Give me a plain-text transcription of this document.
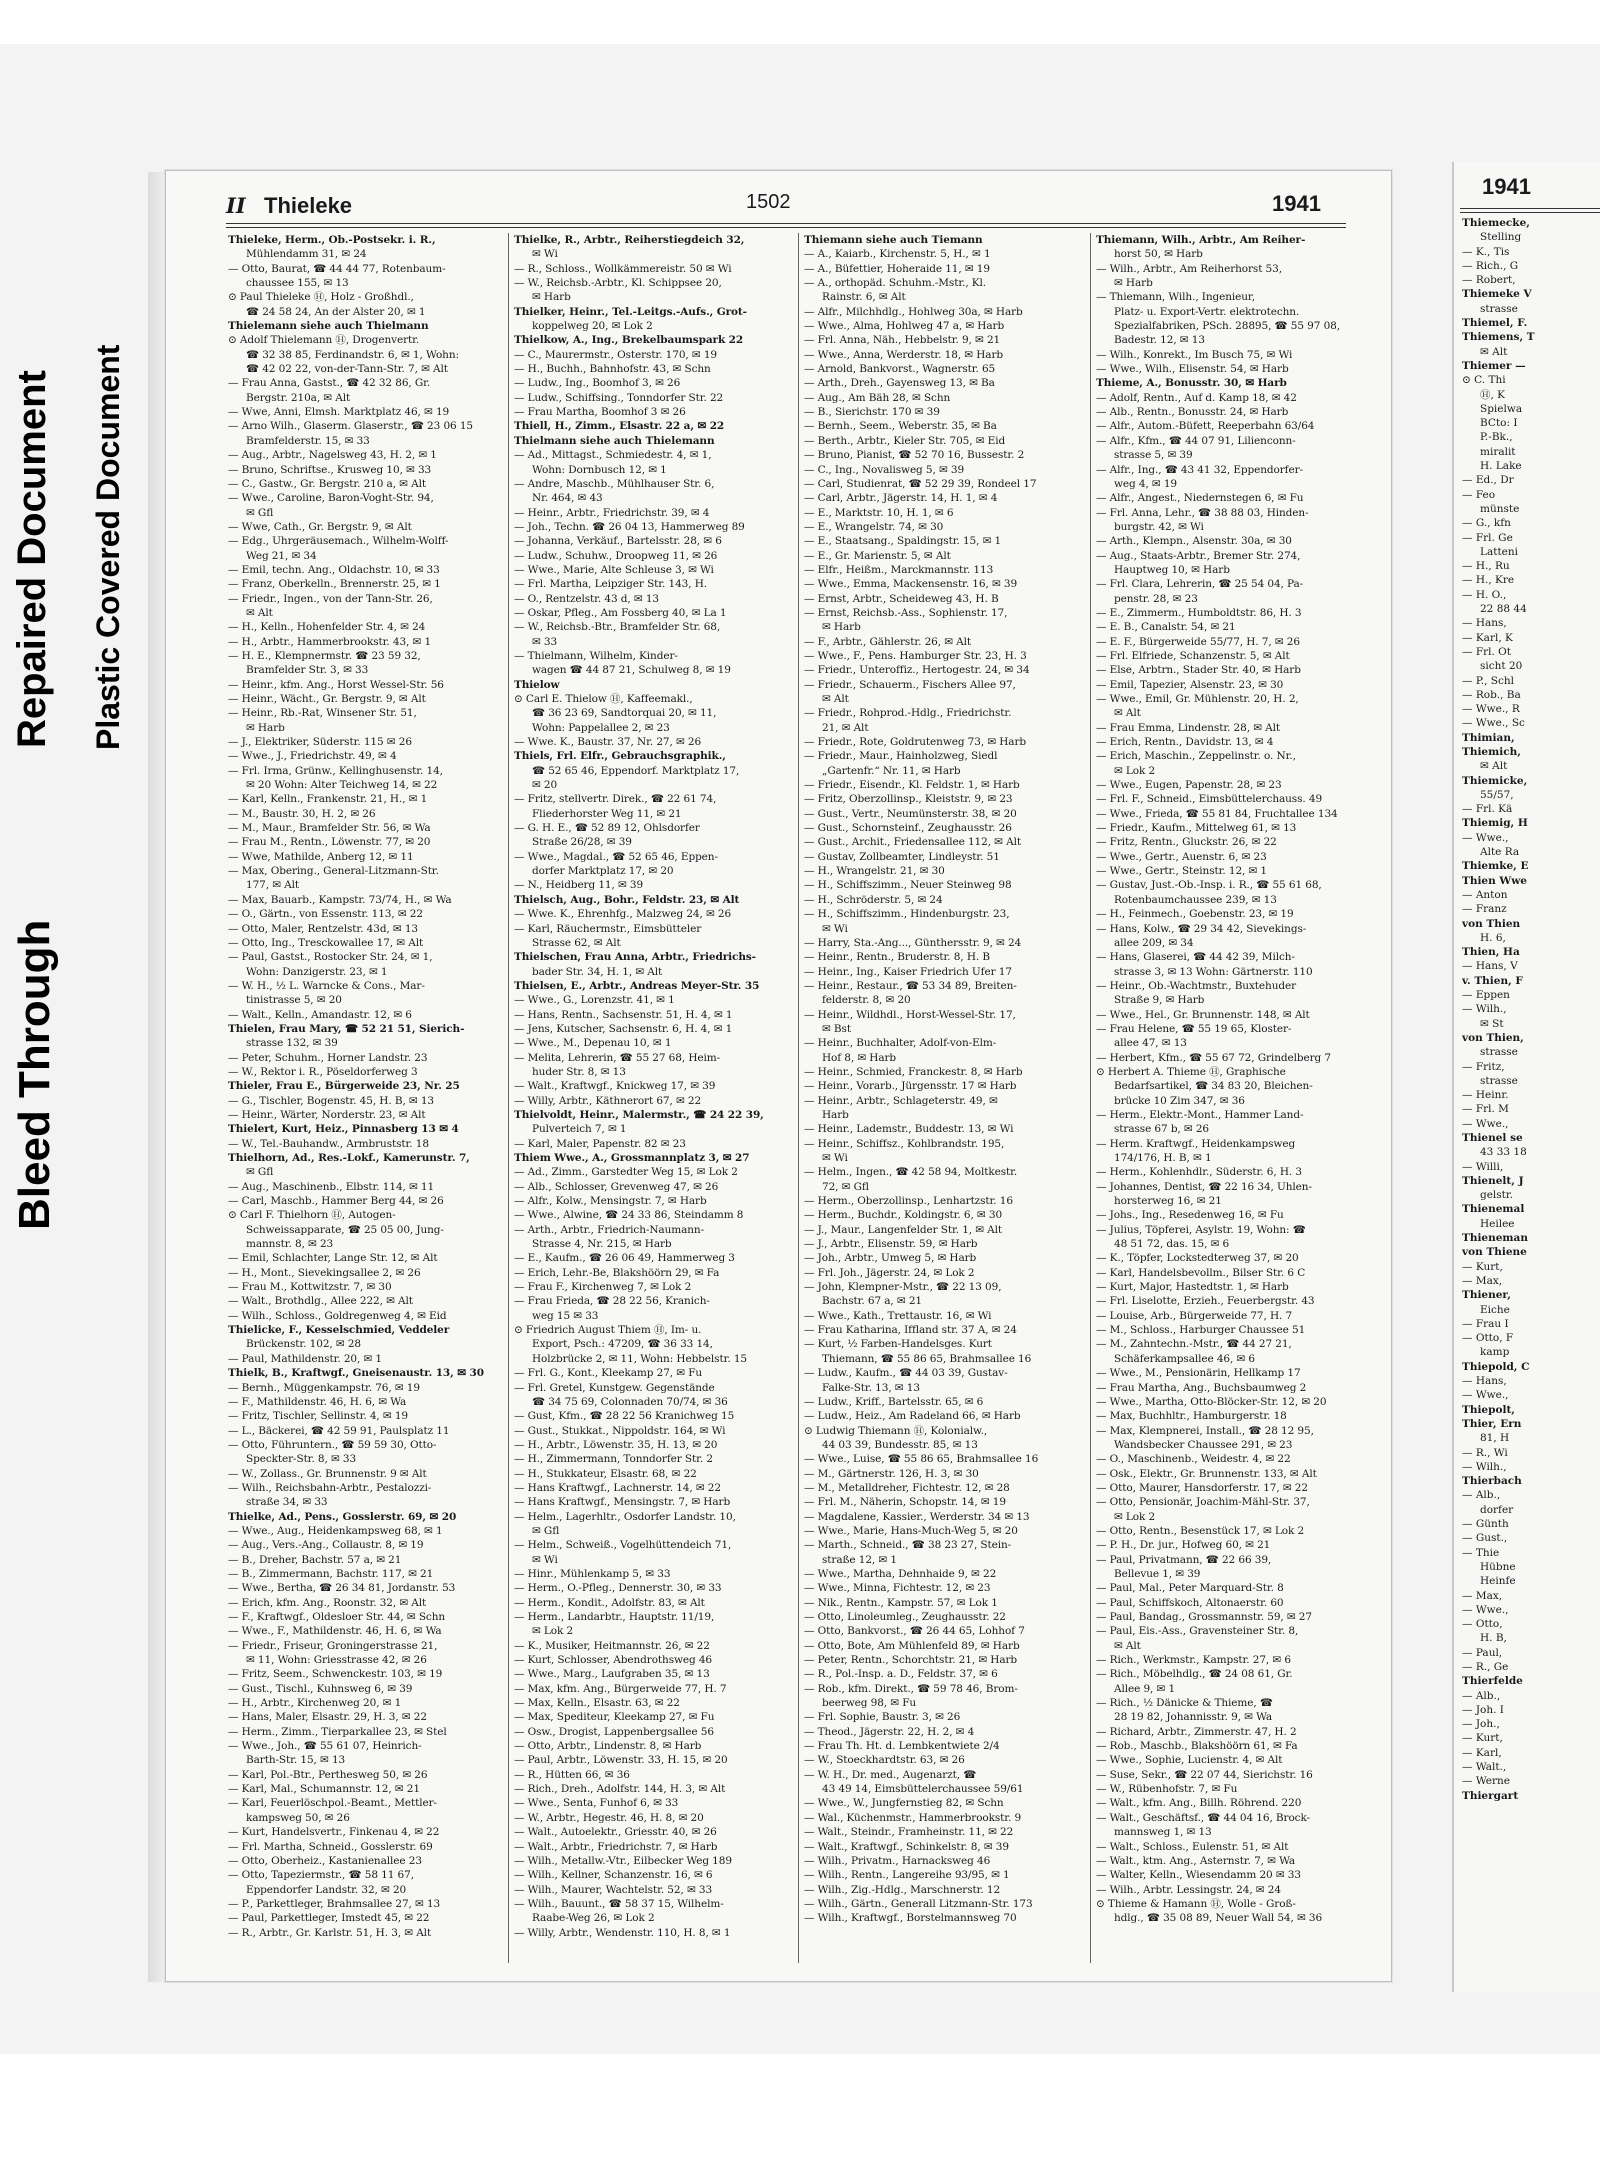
Bleed Through
Repaired Document Plastic Covered Document
II Thieleke	1502	1941
Thieleke, Herm., Ob.-Postsekr. i. R.,
Mühlendamm 31, ✉ 24
— Otto, Baurat, ☎ 44 44 77, Rotenbaum-
chaussee 155, ✉ 13
⊙ Paul Thieleke Ⓗ, Holz - Großhdl.,
☎ 24 58 24, An der Alster 20, ✉ 1
Thielemann siehe auch Thielmann
⊙ Adolf Thielemann Ⓗ, Drogenvertr.
☎ 32 38 85, Ferdinandstr. 6, ✉ 1, Wohn:
☎ 42 02 22, von-der-Tann-Str. 7, ✉ Alt
— Frau Anna, Gastst., ☎ 42 32 86, Gr.
Bergstr. 210a, ✉ Alt
— Wwe, Anni, Elmsh. Marktplatz 46, ✉ 19
— Arno Wilh., Glaserm. Glaserstr., ☎ 23 06 15
Bramfelderstr. 15, ✉ 33
— Aug., Arbtr., Nagelsweg 43, H. 2, ✉ 1
— Bruno, Schriftse., Krusweg 10, ✉ 33
— C., Gastw., Gr. Bergstr. 210 a, ✉ Alt
— Wwe., Caroline, Baron-Voght-Str. 94,
✉ Gfl
— Wwe, Cath., Gr. Bergstr. 9, ✉ Alt
— Edg., Uhrgeräusemach., Wilhelm-Wolff-
Weg 21, ✉ 34
— Emil, techn. Ang., Oldachstr. 10, ✉ 33
— Franz, Oberkelln., Brennerstr. 25, ✉ 1
— Friedr., Ingen., von der Tann-Str. 26,
✉ Alt
— H., Kelln., Hohenfelder Str. 4, ✉ 24
— H., Arbtr., Hammerbrookstr. 43, ✉ 1
— H. E., Klempnermstr. ☎ 23 59 32,
Bramfelder Str. 3, ✉ 33
— Heinr., kfm. Ang., Horst Wessel-Str. 56
— Heinr., Wächt., Gr. Bergstr. 9, ✉ Alt
— Heinr., Rb.-Rat, Winsener Str. 51,
✉ Harb
— J., Elektriker, Süderstr. 115 ✉ 26
— Wwe., J., Friedrichstr. 49, ✉ 4
— Frl. Irma, Grünw., Kellinghusenstr. 14,
✉ 20 Wohn: Alter Teichweg 14, ✉ 22
— Karl, Kelln., Frankenstr. 21, H., ✉ 1
— M., Baustr. 30, H. 2, ✉ 26
— M., Maur., Bramfelder Str. 56, ✉ Wa
— Frau M., Rentn., Löwenstr. 77, ✉ 20
— Wwe, Mathilde, Anberg 12, ✉ 11
— Max, Obering., General-Litzmann-Str.
177, ✉ Alt
— Max, Bauarb., Kampstr. 73/74, H., ✉ Wa
— O., Gärtn., von Essenstr. 113, ✉ 22
— Otto, Maler, Rentzelstr. 43d, ✉ 13
— Otto, Ing., Tresckowallee 17, ✉ Alt
— Paul, Gastst., Rostocker Str. 24, ✉ 1,
Wohn: Danzigerstr. 23, ✉ 1
— W. H., ½ L. Warncke & Cons., Mar-
tinistrasse 5, ✉ 20
— Walt., Kelln., Amandastr. 12, ✉ 6
Thielen, Frau Mary, ☎ 52 21 51, Sierich-
strasse 132, ✉ 39
— Peter, Schuhm., Horner Landstr. 23
— W., Rektor i. R., Pöseldorferweg 3
Thieler, Frau E., Bürgerweide 23, Nr. 25
— G., Tischler, Bogenstr. 45, H. B, ✉ 13
— Heinr., Wärter, Norderstr. 23, ✉ Alt
Thielert, Kurt, Heiz., Pinnasberg 13 ✉ 4
— W., Tel.-Bauhandw., Armbruststr. 18
Thielhorn, Ad., Res.-Lokf., Kamerunstr. 7,
✉ Gfl
— Aug., Maschinenb., Elbstr. 114, ✉ 11
— Carl, Maschb., Hammer Berg 44, ✉ 26
⊙ Carl F. Thielhorn Ⓗ, Autogen-
Schweissapparate, ☎ 25 05 00, Jung-
mannstr. 8, ✉ 23
— Emil, Schlachter, Lange Str. 12, ✉ Alt
— H., Mont., Sievekingsallee 2, ✉ 26
— Frau M., Kottwitzstr. 7, ✉ 30
— Walt., Brothdlg., Allee 222, ✉ Alt
— Wilh., Schloss., Goldregenweg 4, ✉ Eid
Thielicke, F., Kesselschmied, Veddeler
Brückenstr. 102, ✉ 28
— Paul, Mathildenstr. 20, ✉ 1
Thielk, B., Kraftwgf., Gneisenaustr. 13, ✉ 30
— Bernh., Müggenkampstr. 76, ✉ 19
— F., Mathildenstr. 46, H. 6, ✉ Wa
— Fritz, Tischler, Sellinstr. 4, ✉ 19
— L., Bäckerei, ☎ 42 59 91, Paulsplatz 11
— Otto, Führuntern., ☎ 59 59 30, Otto-
Speckter-Str. 8, ✉ 33
— W., Zollass., Gr. Brunnenstr. 9 ✉ Alt
— Wilh., Reichsbahn-Arbtr., Pestalozzi-
straße 34, ✉ 33
Thielke, Ad., Pens., Gosslerstr. 69, ✉ 20
— Wwe., Aug., Heidenkampsweg 68, ✉ 1
— Aug., Vers.-Ang., Collaustr. 8, ✉ 19
— B., Dreher, Bachstr. 57 a, ✉ 21
— B., Zimmermann, Bachstr. 117, ✉ 21
— Wwe., Bertha, ☎ 26 34 81, Jordanstr. 53
— Erich, kfm. Ang., Roonstr. 32, ✉ Alt
— F., Kraftwgf., Oldesloer Str. 44, ✉ Schn
— Wwe., F., Mathildenstr. 46, H. 6, ✉ Wa
— Friedr., Friseur, Groningerstrasse 21,
✉ 11, Wohn: Griesstrasse 42, ✉ 26
— Fritz, Seem., Schwenckestr. 103, ✉ 19
— Gust., Tischl., Kuhnsweg 6, ✉ 39
— H., Arbtr., Kirchenweg 20, ✉ 1
— Hans, Maler, Elsastr. 29, H. 3, ✉ 22
— Herm., Zimm., Tierparkallee 23, ✉ Stel
— Wwe., Joh., ☎ 55 61 07, Heinrich-
Barth-Str. 15, ✉ 13
— Karl, Pol.-Btr., Perthesweg 50, ✉ 26
— Karl, Mal., Schumannstr. 12, ✉ 21
— Karl, Feuerlöschpol.-Beamt., Mettler-
kampsweg 50, ✉ 26
— Kurt, Handelsvertr., Finkenau 4, ✉ 22
— Frl. Martha, Schneid., Gosslerstr. 69
— Otto, Oberheiz., Kastanienallee 23
— Otto, Tapeziermstr., ☎ 58 11 67,
Eppendorfer Landstr. 32, ✉ 20
— P., Parkettleger, Brahmsallee 27, ✉ 13
— Paul, Parkettleger, Imstedt 45, ✉ 22
— R., Arbtr., Gr. Karlstr. 51, H. 3, ✉ Alt
Thielke, R., Arbtr., Reiherstiegdeich 32,
✉ Wi
— R., Schloss., Wollkämmereistr. 50 ✉ Wi
— W., Reichsb.-Arbtr., Kl. Schippsee 20,
✉ Harb
Thielker, Heinr., Tel.-Leitgs.-Aufs., Grot-
koppelweg 20, ✉ Lok 2
Thielkow, A., Ing., Brekelbaumspark 22
— C., Maurermstr., Osterstr. 170, ✉ 19
— H., Buchh., Bahnhofstr. 43, ✉ Schn
— Ludw., Ing., Boomhof 3, ✉ 26
— Ludw., Schiffsing., Tonndorfer Str. 22
— Frau Martha, Boomhof 3 ✉ 26
Thiell, H., Zimm., Elsastr. 22 a, ✉ 22
Thielmann siehe auch Thielemann
— Ad., Mittagst., Schmiedestr. 4, ✉ 1,
Wohn: Dornbusch 12, ✉ 1
— Andre, Maschb., Mühlhauser Str. 6,
Nr. 464, ✉ 43
— Heinr., Arbtr., Friedrichstr. 39, ✉ 4
— Joh., Techn. ☎ 26 04 13, Hammerweg 89
— Johanna, Verkäuf., Bartelsstr. 28, ✉ 6
— Ludw., Schuhw., Droopweg 11, ✉ 26
— Wwe., Marie, Alte Schleuse 3, ✉ Wi
— Frl. Martha, Leipziger Str. 143, H.
— O., Rentzelstr. 43 d, ✉ 13
— Oskar, Pfleg., Am Fossberg 40, ✉ La 1
— W., Reichsb.-Btr., Bramfelder Str. 68,
✉ 33
— Thielmann, Wilhelm, Kinder-
wagen ☎ 44 87 21, Schulweg 8, ✉ 19
Thielow
⊙ Carl E. Thielow Ⓗ, Kaffeemakl.,
☎ 36 23 69, Sandtorquai 20, ✉ 11,
Wohn: Pappelallee 2, ✉ 23
— Wwe. K., Baustr. 37, Nr. 27, ✉ 26
Thiels, Frl. Elfr., Gebrauchsgraphik.,
☎ 52 65 46, Eppendorf. Marktplatz 17,
✉ 20
— Fritz, stellvertr. Direk., ☎ 22 61 74,
Fliederhorster Weg 11, ✉ 21
— G. H. E., ☎ 52 89 12, Ohlsdorfer
Straße 26/28, ✉ 39
— Wwe., Magdal., ☎ 52 65 46, Eppen-
dorfer Marktplatz 17, ✉ 20
— N., Heidberg 11, ✉ 39
Thielsch, Aug., Bohr., Feldstr. 23, ✉ Alt
— Wwe. K., Ehrenhfg., Malzweg 24, ✉ 26
— Karl, Räuchermstr., Eimsbütteler
Strasse 62, ✉ Alt
Thielschen, Frau Anna, Arbtr., Friedrichs-
bader Str. 34, H. 1, ✉ Alt
Thielsen, E., Arbtr., Andreas Meyer-Str. 35
— Wwe., G., Lorenzstr. 41, ✉ 1
— Hans, Rentn., Sachsenstr. 51, H. 4, ✉ 1
— Jens, Kutscher, Sachsenstr. 6, H. 4, ✉ 1
— Wwe., M., Depenau 10, ✉ 1
— Melita, Lehrerin, ☎ 55 27 68, Heim-
huder Str. 8, ✉ 13
— Walt., Kraftwgf., Knickweg 17, ✉ 39
— Willy, Arbtr., Käthnerort 67, ✉ 22
Thielvoldt, Heinr., Malermstr., ☎ 24 22 39,
Pulverteich 7, ✉ 1
— Karl, Maler, Papenstr. 82 ✉ 23
Thiem Wwe., A., Grossmannplatz 3, ✉ 27
— Ad., Zimm., Garstedter Weg 15, ✉ Lok 2
— Alb., Schlosser, Grevenweg 47, ✉ 26
— Alfr., Kolw., Mensingstr. 7, ✉ Harb
— Wwe., Alwine, ☎ 24 33 86, Steindamm 8
— Arth., Arbtr., Friedrich-Naumann-
Strasse 4, Nr. 215, ✉ Harb
— E., Kaufm., ☎ 26 06 49, Hammerweg 3
— Erich, Lehr.-Be, Blakshöörn 29, ✉ Fa
— Frau F., Kirchenweg 7, ✉ Lok 2
— Frau Frieda, ☎ 28 22 56, Kranich-
weg 15 ✉ 33
⊙ Friedrich August Thiem Ⓗ, Im- u.
Export, Psch.: 47209, ☎ 36 33 14,
Holzbrücke 2, ✉ 11, Wohn: Hebbelstr. 15
— Frl. G., Kont., Kleekamp 27, ✉ Fu
— Frl. Gretel, Kunstgew. Gegenstände
☎ 34 75 69, Colonnaden 70/74, ✉ 36
— Gust, Kfm., ☎ 28 22 56 Kranichweg 15
— Gust., Stukkat., Nippoldstr. 164, ✉ Wi
— H., Arbtr., Löwenstr. 35, H. 13, ✉ 20
— H., Zimmermann, Tonndorfer Str. 2
— H., Stukkateur, Elsastr. 68, ✉ 22
— Hans Kraftwgf., Lachnerstr. 14, ✉ 22
— Hans Kraftwgf., Mensingstr. 7, ✉ Harb
— Helm., Lagerhltr., Osdorfer Landstr. 10,
✉ Gfl
— Helm., Schweiß., Vogelhüttendeich 71,
✉ Wi
— Hinr., Mühlenkamp 5, ✉ 33
— Herm., O.-Pfleg., Dennerstr. 30, ✉ 33
— Herm., Kondit., Adolfstr. 83, ✉ Alt
— Herm., Landarbtr., Hauptstr. 11/19,
✉ Lok 2
— K., Musiker, Heitmannstr. 26, ✉ 22
— Kurt, Schlosser, Abendrothsweg 46
— Wwe., Marg., Laufgraben 35, ✉ 13
— Max, kfm. Ang., Bürgerweide 77, H. 7
— Max, Kelln., Elsastr. 63, ✉ 22
— Max, Spediteur, Kleekamp 27, ✉ Fu
— Osw., Drogist, Lappenbergsallee 56
— Otto, Arbtr., Lindenstr. 8, ✉ Harb
— Paul, Arbtr., Löwenstr. 33, H. 15, ✉ 20
— R., Hütten 66, ✉ 36
— Rich., Dreh., Adolfstr. 144, H. 3, ✉ Alt
— Wwe., Senta, Funhof 6, ✉ 33
— W., Arbtr., Hegestr. 46, H. 8, ✉ 20
— Walt., Autoelektr., Griesstr. 40, ✉ 26
— Walt., Arbtr., Friedrichstr. 7, ✉ Harb
— Wilh., Metallw.-Vtr., Eilbecker Weg 189
— Wilh., Kellner, Schanzenstr. 16, ✉ 6
— Wilh., Maurer, Wachtelstr. 52, ✉ 33
— Wilh., Bauunt., ☎ 58 37 15, Wilhelm-
Raabe-Weg 26, ✉ Lok 2
— Willy, Arbtr., Wendenstr. 110, H. 8, ✉ 1
Thiemann siehe auch Tiemann
— A., Kaiarb., Kirchenstr. 5, H., ✉ 1
— A., Büfettier, Hoheraide 11, ✉ 19
— A., orthopäd. Schuhm.-Mstr., Kl.
Rainstr. 6, ✉ Alt
— Alfr., Milchhdlg., Hohlweg 30a, ✉ Harb
— Wwe., Alma, Hohlweg 47 a, ✉ Harb
— Frl. Anna, Näh., Hebbelstr. 9, ✉ 21
— Wwe., Anna, Werderstr. 18, ✉ Harb
— Arnold, Bankvorst., Wagnerstr. 65
— Arth., Dreh., Gayensweg 13, ✉ Ba
— Aug., Am Bäh 28, ✉ Schn
— B., Sierichstr. 170 ✉ 39
— Bernh., Seem., Weberstr. 35, ✉ Ba
— Berth., Arbtr., Kieler Str. 705, ✉ Eid
— Bruno, Pianist, ☎ 52 70 16, Bussestr. 2
— C., Ing., Novalisweg 5, ✉ 39
— Carl, Studienrat, ☎ 52 29 39, Rondeel 17
— Carl, Arbtr., Jägerstr. 14, H. 1, ✉ 4
— E., Marktstr. 10, H. 1, ✉ 6
— E., Wrangelstr. 74, ✉ 30
— E., Staatsang., Spaldingstr. 15, ✉ 1
— E., Gr. Marienstr. 5, ✉ Alt
— Elfr., Heißm., Marckmannstr. 113
— Wwe., Emma, Mackensenstr. 16, ✉ 39
— Ernst, Arbtr., Scheideweg 43, H. B
— Ernst, Reichsb.-Ass., Sophienstr. 17,
✉ Harb
— F., Arbtr., Gählerstr. 26, ✉ Alt
— Wwe., F., Pens. Hamburger Str. 23, H. 3
— Friedr., Unteroffiz., Hertogestr. 24, ✉ 34
— Friedr., Schauerm., Fischers Allee 97,
✉ Alt
— Friedr., Rohprod.-Hdlg., Friedrichstr.
21, ✉ Alt
— Friedr., Rote, Goldrutenweg 73, ✉ Harb
— Friedr., Maur., Hainholzweg, Siedl
„Gartenfr.“ Nr. 11, ✉ Harb
— Friedr., Eisendr., Kl. Feldstr. 1, ✉ Harb
— Fritz, Oberzollinsp., Kleiststr. 9, ✉ 23
— Gust., Vertr., Neumünsterstr. 38, ✉ 20
— Gust., Schornsteinf., Zeughausstr. 26
— Gust., Archit., Friedensallee 112, ✉ Alt
— Gustav, Zollbeamter, Lindleystr. 51
— H., Wrangelstr. 21, ✉ 30
— H., Schiffszimm., Neuer Steinweg 98
— H., Schröderstr. 5, ✉ 24
— H., Schiffszimm., Hindenburgstr. 23,
✉ Wi
— Harry, Sta.-Ang..., Günthersstr. 9, ✉ 24
— Heinr., Rentn., Bruderstr. 8, H. B
— Heinr., Ing., Kaiser Friedrich Ufer 17
— Heinr., Restaur., ☎ 53 34 89, Breiten-
felderstr. 8, ✉ 20
— Heinr., Wildhdl., Horst-Wessel-Str. 17,
✉ Bst
— Heinr., Buchhalter, Adolf-von-Elm-
Hof 8, ✉ Harb
— Heinr., Schmied, Franckestr. 8, ✉ Harb
— Heinr., Vorarb., Jürgensstr. 17 ✉ Harb
— Heinr., Arbtr., Schlageterstr. 49, ✉
Harb
— Heinr., Lademstr., Buddestr. 13, ✉ Wi
— Heinr., Schiffsz., Kohlbrandstr. 195,
✉ Wi
— Helm., Ingen., ☎ 42 58 94, Moltkestr.
72, ✉ Gfl
— Herm., Oberzollinsp., Lenhartzstr. 16
— Herm., Buchdr., Koldingstr. 6, ✉ 30
— J., Maur., Langenfelder Str. 1, ✉ Alt
— J., Arbtr., Elisenstr. 59, ✉ Harb
— Joh., Arbtr., Umweg 5, ✉ Harb
— Frl. Joh., Jägerstr. 24, ✉ Lok 2
— John, Klempner-Mstr., ☎ 22 13 09,
Bachstr. 67 a, ✉ 21
— Wwe., Kath., Trettaustr. 16, ✉ Wi
— Frau Katharina, Iffland str. 37 A, ✉ 24
— Kurt, ½ Farben-Handelsges. Kurt
Thiemann, ☎ 55 86 65, Brahmsallee 16
— Ludw., Kaufm., ☎ 44 03 39, Gustav-
Falke-Str. 13, ✉ 13
— Ludw., Kriff., Bartelsstr. 65, ✉ 6
— Ludw., Heiz., Am Radeland 66, ✉ Harb
⊙ Ludwig Thiemann Ⓗ, Kolonialw.,
44 03 39, Bundesstr. 85, ✉ 13
— Wwe., Luise, ☎ 55 86 65, Brahmsallee 16
— M., Gärtnerstr. 126, H. 3, ✉ 30
— M., Metalldreher, Fichtestr. 12, ✉ 28
— Frl. M., Näherin, Schopstr. 14, ✉ 19
— Magdalene, Kassier., Werderstr. 34 ✉ 13
— Wwe., Marie, Hans-Much-Weg 5, ✉ 20
— Marth., Schneid., ☎ 38 23 27, Stein-
straße 12, ✉ 1
— Wwe., Martha, Dehnhaide 9, ✉ 22
— Wwe., Minna, Fichtestr. 12, ✉ 23
— Nik., Rentn., Kampstr. 57, ✉ Lok 1
— Otto, Linoleumleg., Zeughausstr. 22
— Otto, Bankvorst., ☎ 26 44 65, Lohhof 7
— Otto, Bote, Am Mühlenfeld 89, ✉ Harb
— Peter, Rentn., Schorchtstr. 21, ✉ Harb
— R., Pol.-Insp. a. D., Feldstr. 37, ✉ 6
— Rob., kfm. Direkt., ☎ 59 78 46, Brom-
beerweg 98, ✉ Fu
— Frl. Sophie, Baustr. 3, ✉ 26
— Theod., Jägerstr. 22, H. 2, ✉ 4
— Frau Th. Ht. d. Lembkentwiete 2/4
— W., Stoeckhardtstr. 63, ✉ 26
— W. H., Dr. med., Augenarzt, ☎
43 49 14, Eimsbüttelerchaussee 59/61
— Wwe., W., Jungfernstieg 82, ✉ Schn
— Wal., Küchenmstr., Hammerbrookstr. 9
— Walt., Steindr., Framheinstr. 11, ✉ 22
— Walt., Kraftwgf., Schinkelstr. 8, ✉ 39
— Wilh., Privatm., Harnacksweg 46
— Wilh., Rentn., Langereihe 93/95, ✉ 1
— Wilh., Zig.-Hdlg., Marschnerstr. 12
— Wilh., Gärtn., Generall Litzmann-Str. 173
— Wilh., Kraftwgf., Borstelmannsweg 70
Thiemann, Wilh., Arbtr., Am Reiher-
horst 50, ✉ Harb
— Wilh., Arbtr., Am Reiherhorst 53,
✉ Harb
— Thiemann, Wilh., Ingenieur,
Platz- u. Export-Vertr. elektrotechn.
Spezialfabriken, PSch. 28895, ☎ 55 97 08,
Badestr. 12, ✉ 13
— Wilh., Konrekt., Im Busch 75, ✉ Wi
— Wwe., Wilh., Elisenstr. 54, ✉ Harb
Thieme, A., Bonusstr. 30, ✉ Harb
— Adolf, Rentn., Auf d. Kamp 18, ✉ 42
— Alb., Rentn., Bonusstr. 24, ✉ Harb
— Alfr., Autom.-Büfett, Reeperbahn 63/64
— Alfr., Kfm., ☎ 44 07 91, Lilienconn-
strasse 5, ✉ 39
— Alfr., Ing., ☎ 43 41 32, Eppendorfer-
weg 4, ✉ 19
— Alfr., Angest., Niedernstegen 6, ✉ Fu
— Frl. Anna, Lehr., ☎ 38 88 03, Hinden-
burgstr. 42, ✉ Wi
— Arth., Klempn., Alsenstr. 30a, ✉ 30
— Aug., Staats-Arbtr., Bremer Str. 274,
Hauptweg 10, ✉ Harb
— Frl. Clara, Lehrerin, ☎ 25 54 04, Pa-
penstr. 28, ✉ 23
— E., Zimmerm., Humboldtstr. 86, H. 3
— E. B., Canalstr. 54, ✉ 21
— E. F., Bürgerweide 55/77, H. 7, ✉ 26
— Frl. Elfriede, Schanzenstr. 5, ✉ Alt
— Else, Arbtrn., Stader Str. 40, ✉ Harb
— Emil, Tapezier, Alsenstr. 23, ✉ 30
— Wwe., Emil, Gr. Mühlenstr. 20, H. 2,
✉ Alt
— Frau Emma, Lindenstr. 28, ✉ Alt
— Erich, Rentn., Davidstr. 13, ✉ 4
— Erich, Maschin., Zeppelinstr. o. Nr.,
✉ Lok 2
— Wwe., Eugen, Papenstr. 28, ✉ 23
— Frl. F., Schneid., Eimsbüttelerchauss. 49
— Wwe., Frieda, ☎ 55 81 84, Fruchtallee 134
— Friedr., Kaufm., Mittelweg 61, ✉ 13
— Fritz, Rentn., Gluckstr. 26, ✉ 22
— Wwe., Gertr., Auenstr. 6, ✉ 23
— Wwe., Gertr., Steinstr. 12, ✉ 1
— Gustav, Just.-Ob.-Insp. i. R., ☎ 55 61 68,
Rotenbaumchaussee 239, ✉ 13
— H., Feinmech., Goebenstr. 23, ✉ 19
— Hans, Kolw., ☎ 29 34 42, Sievekings-
allee 209, ✉ 34
— Hans, Glaserei, ☎ 44 42 39, Milch-
strasse 3, ✉ 13 Wohn: Gärtnerstr. 110
— Heinr., Ob.-Wachtmstr., Buxtehuder
Straße 9, ✉ Harb
— Wwe., Hel., Gr. Brunnenstr. 148, ✉ Alt
— Frau Helene, ☎ 55 19 65, Kloster-
allee 47, ✉ 13
— Herbert, Kfm., ☎ 55 67 72, Grindelberg 7
⊙ Herbert A. Thieme Ⓗ, Graphische
Bedarfsartikel, ☎ 34 83 20, Bleichen-
brücke 10 Zim 347, ✉ 36
— Herm., Elektr.-Mont., Hammer Land-
strasse 67 b, ✉ 26
— Herm. Kraftwgf., Heidenkampsweg
174/176, H. B, ✉ 1
— Herm., Kohlenhdlr., Süderstr. 6, H. 3
— Johannes, Dentist, ☎ 22 16 34, Uhlen-
horsterweg 16, ✉ 21
— Johs., Ing., Resedenweg 16, ✉ Fu
— Julius, Töpferei, Asylstr. 19, Wohn: ☎
48 51 72, das. 15, ✉ 6
— K., Töpfer, Lockstedterweg 37, ✉ 20
— Karl, Handelsbevollm., Bilser Str. 6 C
— Kurt, Major, Hastedtstr. 1, ✉ Harb
— Frl. Liselotte, Erzieh., Feuerbergstr. 43
— Louise, Arb., Bürgerweide 77, H. 7
— M., Schloss., Harburger Chaussee 51
— M., Zahntechn.-Mstr., ☎ 44 27 21,
Schäferkampsallee 46, ✉ 6
— Wwe., M., Pensionärin, Hellkamp 17
— Frau Martha, Ang., Buchsbaumweg 2
— Wwe., Martha, Otto-Blöcker-Str. 12, ✉ 20
— Max, Buchhltr., Hamburgerstr. 18
— Max, Klempnerei, Install., ☎ 28 12 95,
Wandsbecker Chaussee 291, ✉ 23
— O., Maschinenb., Weidestr. 4, ✉ 22
— Osk., Elektr., Gr. Brunnenstr. 133, ✉ Alt
— Otto, Maurer, Hansdorferstr. 17, ✉ 22
— Otto, Pensionär, Joachim-Mähl-Str. 37,
✉ Lok 2
— Otto, Rentn., Besenstück 17, ✉ Lok 2
— P. H., Dr. jur., Hofweg 60, ✉ 21
— Paul, Privatmann, ☎ 22 66 39,
Bellevue 1, ✉ 39
— Paul, Mal., Peter Marquard-Str. 8
— Paul, Schiffskoch, Altonaerstr. 60
— Paul, Bandag., Grossmannstr. 59, ✉ 27
— Paul, Eis.-Ass., Gravensteiner Str. 8,
✉ Alt
— Rich., Werkmstr., Kampstr. 27, ✉ 6
— Rich., Möbelhdlg., ☎ 24 08 61, Gr.
Allee 9, ✉ 1
— Rich., ½ Dänicke & Thieme, ☎
28 19 82, Johannisstr. 9, ✉ Wa
— Richard, Arbtr., Zimmerstr. 47, H. 2
— Rob., Maschb., Blakshöörn 61, ✉ Fa
— Wwe., Sophie, Lucienstr. 4, ✉ Alt
— Suse, Sekr., ☎ 22 07 44, Sierichstr. 16
— W., Rübenhofstr. 7, ✉ Fu
— Walt., kfm. Ang., Billh. Röhrend. 220
— Walt., Geschäftsf., ☎ 44 04 16, Brock-
mannsweg 1, ✉ 13
— Walt., Schloss., Eulenstr. 51, ✉ Alt
— Walt., ktm. Ang., Asternstr. 7, ✉ Wa
— Walter, Kelln., Wiesendamm 20 ✉ 33
— Wilh., Arbtr. Lessingstr. 24, ✉ 24
⊙ Thieme & Hamann Ⓗ, Wolle - Groß-
hdlg., ☎ 35 08 89, Neuer Wall 54, ✉ 36
1941
Thiemecke,
Stelling
— K., Tis
— Rich., G
— Robert,
Thiemeke V
strasse
Thiemel, F.
Thiemens, T
✉ Alt
Thiemer —
⊙ C. Thi
Ⓗ, K
Spielwa
BCto: I
P.-Bk.,
miralit
H. Lake
— Ed., Dr
— Feo
münste
— G., kfn
— Frl. Ge
Latteni
— H., Ru
— H., Kre
— H. O.,
22 88 44
— Hans,
— Karl, K
— Frl. Ot
sicht 20
— P., Schl
— Rob., Ba
— Wwe., R
— Wwe., Sc
Thimian,
Thiemich,
✉ Alt
Thiemicke,
55/57,
— Frl. Kä
Thiemig, H
— Wwe.,
Alte Ra
Thiemke, E
Thien Wwe
— Anton
— Franz
von Thien
H. 6,
Thien, Ha
— Hans, V
v. Thien, F
— Eppen
— Wilh.,
✉ St
von Thien,
strasse
— Fritz,
strasse
— Heinr.
— Frl. M
— Wwe.,
Thienel se
43 33 18
— Willi,
Thienelt, J
gelstr.
Thienemal
Heilee
Thieneman
von Thiene
— Kurt,
— Max,
Thiener,
Eiche
— Frau I
— Otto, F
kamp
Thiepold, C
— Hans,
— Wwe.,
Thiepolt,
Thier, Ern
81, H
— R., Wi
— Wilh.,
Thierbach
— Alb.,
dorfer
— Günth
— Gust.,
— Thie
Hübne
Heinfe
— Max,
— Wwe.,
— Otto,
H. B,
— Paul,
— R., Ge
Thierfelde
— Alb.,
— Joh. I
— Joh.,
— Kurt,
— Karl,
— Walt.,
— Werne
Thiergart
